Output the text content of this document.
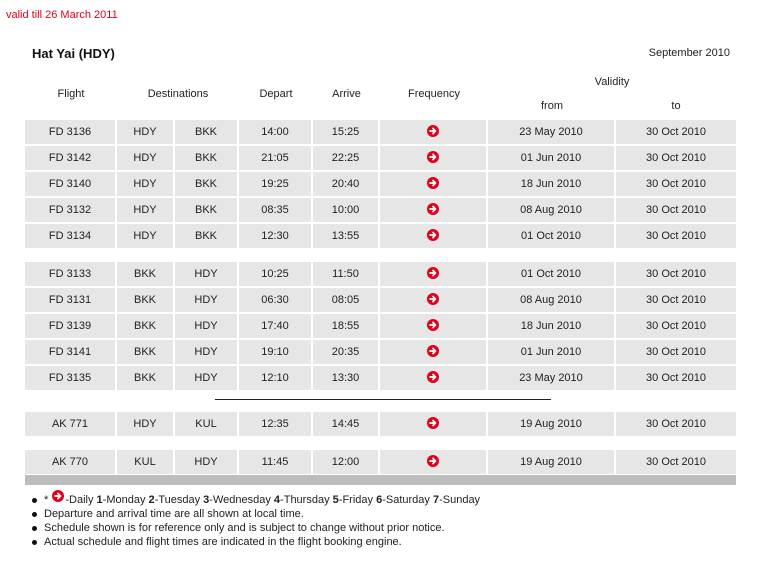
valid till 26 March 2011
Hat Yai (HDY)	September 2010
Flight	Destinations	Depart	Arrive	Frequency
Validity
from	to
FD 3136	HDY	BKK	14:00	15:25	23 May 2010	30 Oct 2010
FD 3142	HDY	BKK	21:05	22:25	01 Jun 2010	30 Oct 2010
FD 3140	HDY	BKK	19:25	20:40	18 Jun 2010	30 Oct 2010
FD 3132	HDY	BKK	08:35	10:00	08 Aug 2010	30 Oct 2010
FD 3134	HDY	BKK	12:30	13:55	01 Oct 2010	30 Oct 2010
FD 3133	BKK	HDY	10:25	11:50	01 Oct 2010	30 Oct 2010
FD 3131	BKK	HDY	06:30	08:05	08 Aug 2010	30 Oct 2010
FD 3139	BKK	HDY	17:40	18:55	18 Jun 2010	30 Oct 2010
FD 3141	BKK	HDY	19:10	20:35	01 Jun 2010	30 Oct 2010
FD 3135	BKK	HDY	12:10	13:30	23 May 2010	30 Oct 2010
AK 771	HDY	KUL	12:35	14:45	19 Aug 2010	30 Oct 2010
AK 770	KUL	HDY	11:45	12:00	19 Aug 2010	30 Oct 2010
* -Daily 1-Monday 2-Tuesday 3-Wednesday 4-Thursday 5-Friday 6-Saturday 7-Sunday
Departure and arrival time are all shown at local time.
Schedule shown is for reference only and is subject to change without prior notice.
Actual schedule and flight times are indicated in the flight booking engine.
